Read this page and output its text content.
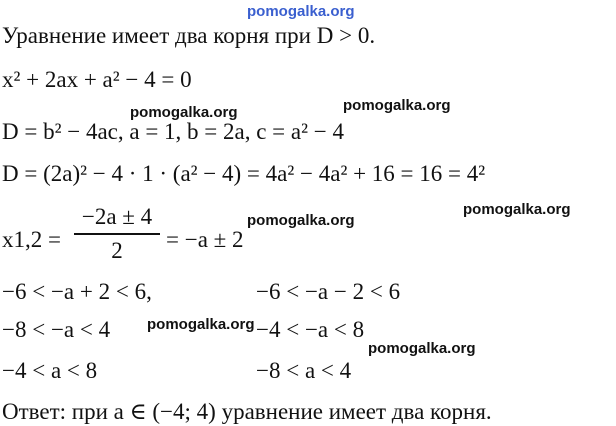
pomogalka.org
pomogalka.org	pomogalka.org
pomogalka.org
pomogalka.org
pomogalka.org
pomogalka.org
Уравнение имеет два корня при D > 0.
x² + 2ax + a² − 4 = 0
D = b² − 4ac, a = 1, b = 2a, c = a² − 4
D = (2a)² − 4 · 1 · (a² − 4) = 4a² − 4a² + 16 = 16 = 4²
x1,2 =
−2a ± 4
2	= −a ± 2
−6 < −a + 2 < 6,	−6 < −a − 2 < 6
−8 < −a < 4	−4 < −a < 8
−4 < a < 8	−8 < a < 4
Ответ: при a ∈ (−4; 4) уравнение имеет два корня.
